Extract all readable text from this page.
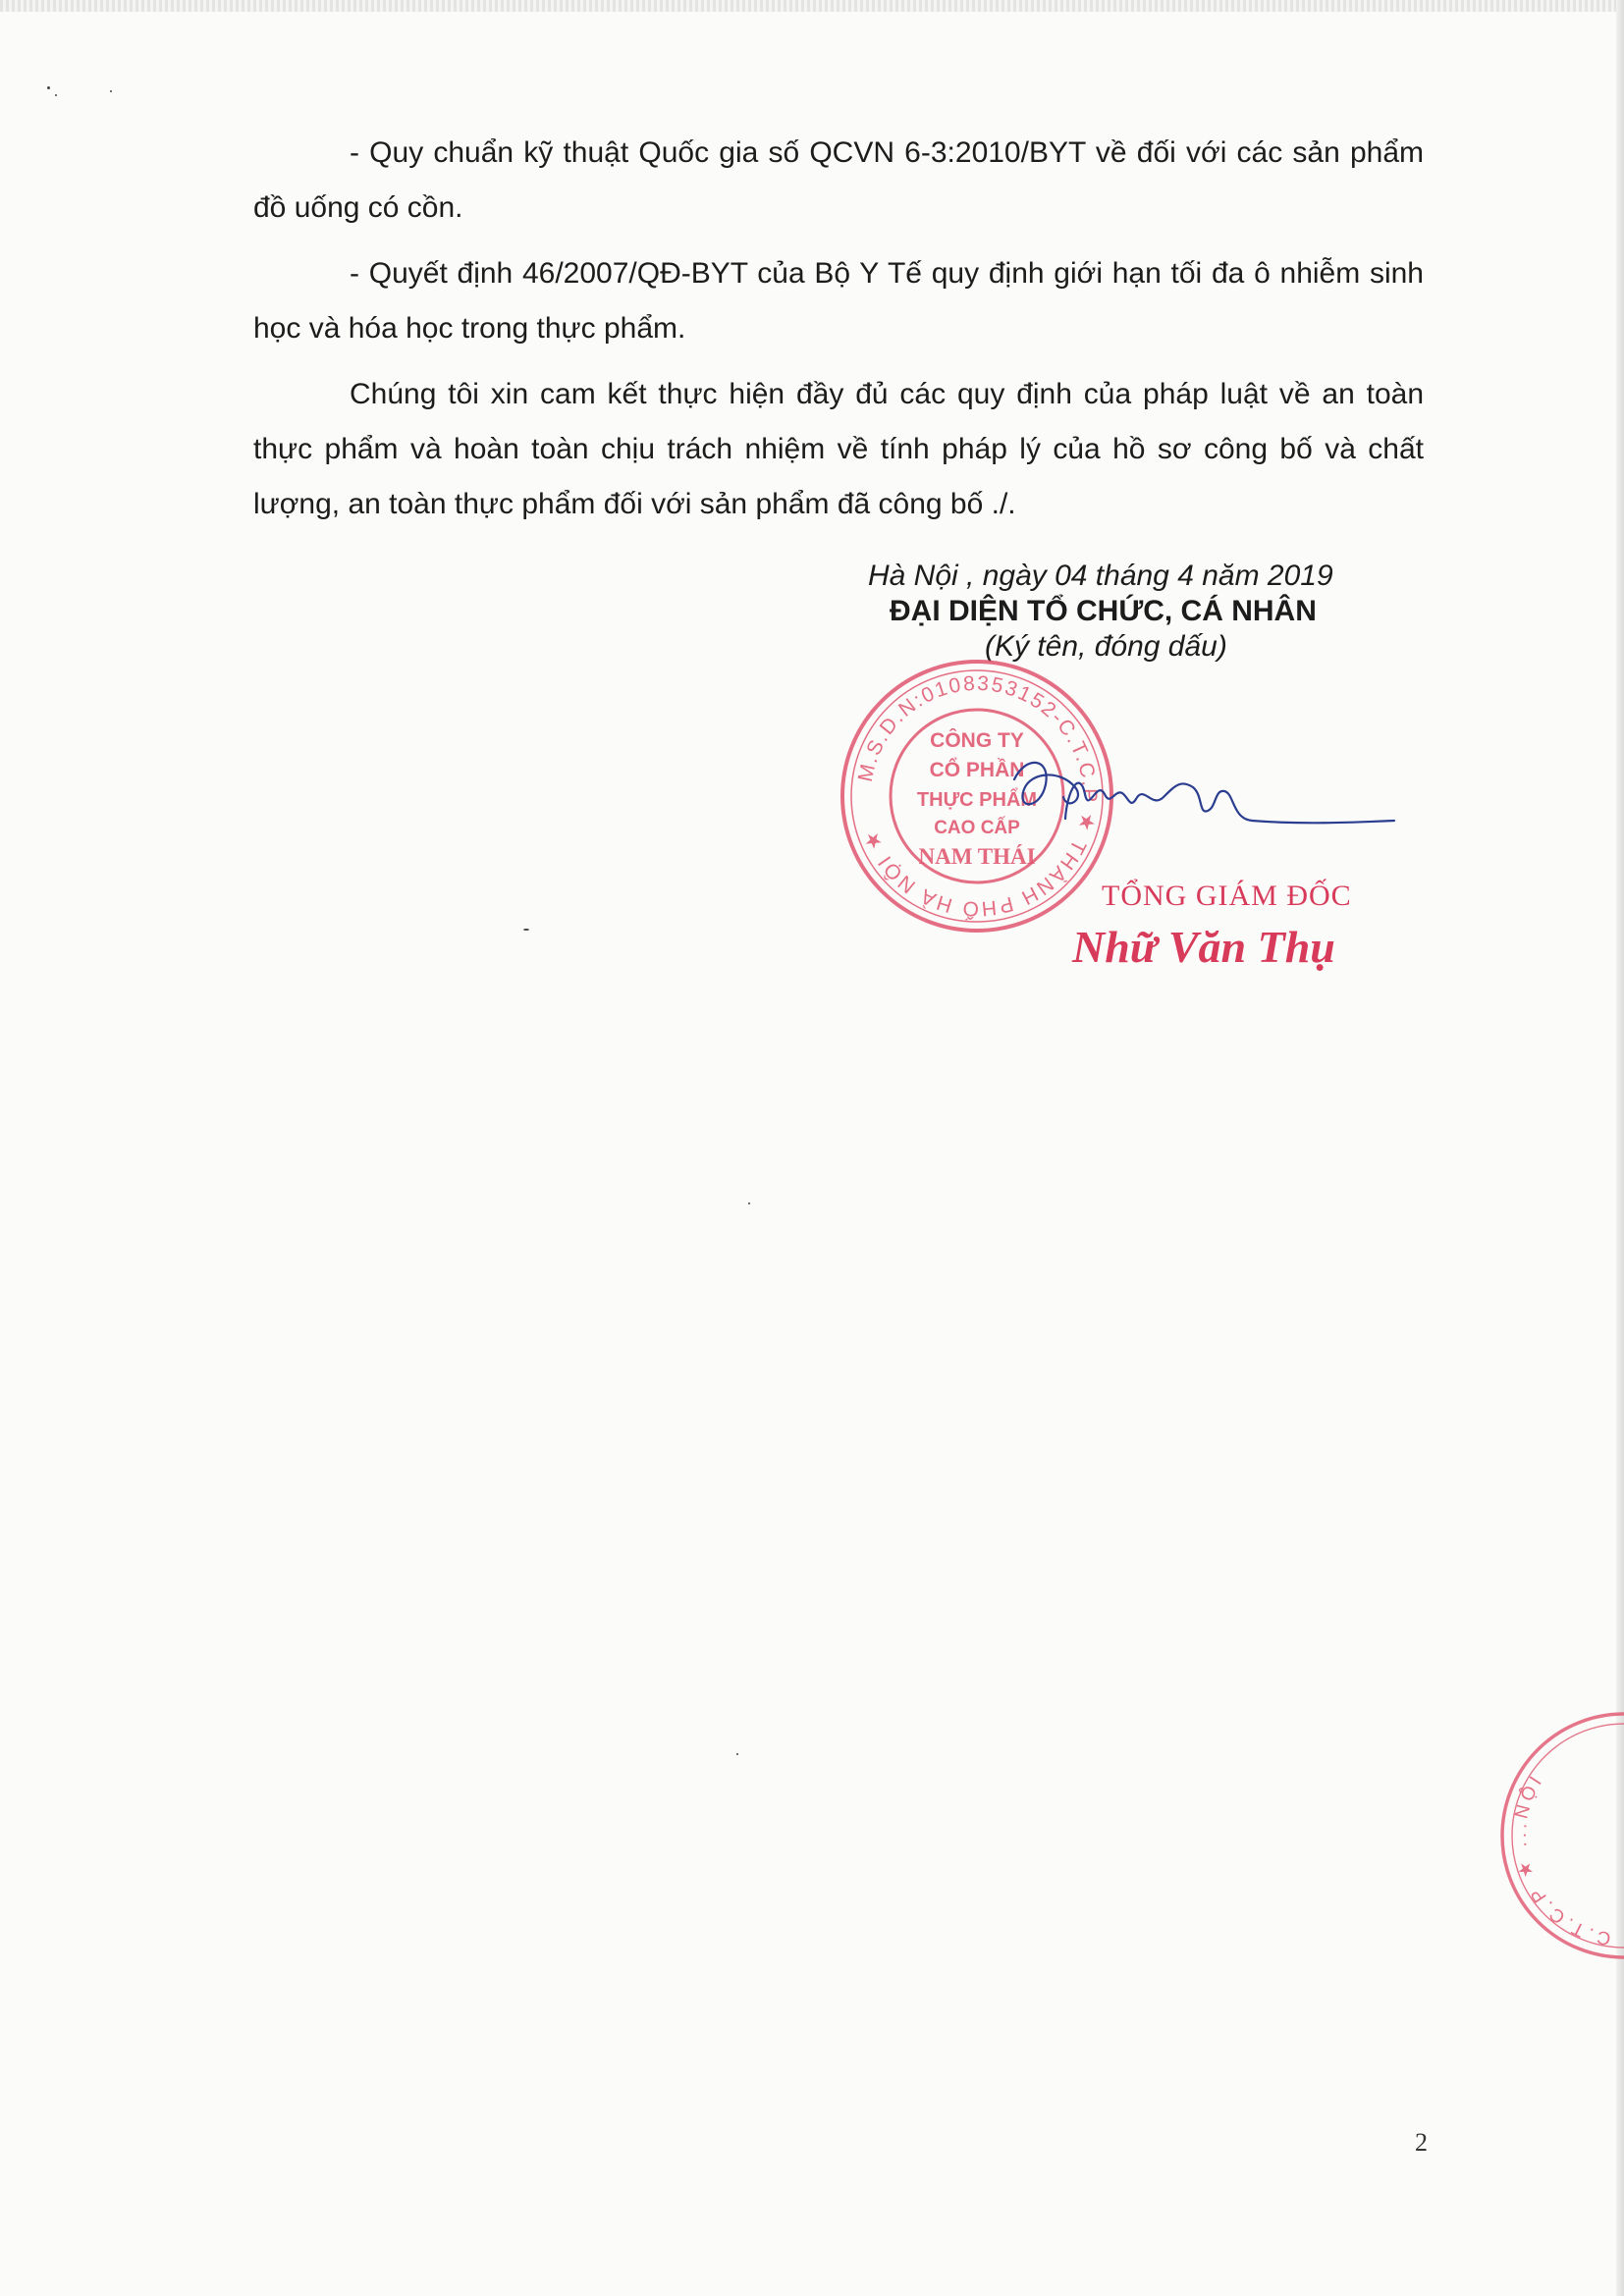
- Quy chuẩn kỹ thuật Quốc gia số QCVN 6-3:2010/BYT về đối với các sản phẩm đồ uống có cồn.

- Quyết định 46/2007/QĐ-BYT của Bộ Y Tế quy định giới hạn tối đa ô nhiễm sinh học và hóa học trong thực phẩm.

Chúng tôi xin cam kết thực hiện đầy đủ các quy định của pháp luật về an toàn thực phẩm và hoàn toàn chịu trách nhiệm về tính pháp lý của hồ sơ công bố và chất lượng, an toàn thực phẩm đối với sản phẩm đã công bố ./.

Hà Nội , ngày 04 tháng 4 năm 2019
ĐẠI DIỆN TỔ CHỨC, CÁ NHÂN
(Ký tên, đóng dấu)
M.S.D.N:0108353152-C.T.C.P ★ THÀNH PHỐ HÀ NỘI ★
CÔNG TY
CỔ PHẦN
THỰC PHẨM
CAO CẤP
NAM THÁI
TỔNG GIÁM ĐỐC
Nhữ Văn Thụ
C.T.C.P ★ ...NỘI
2
